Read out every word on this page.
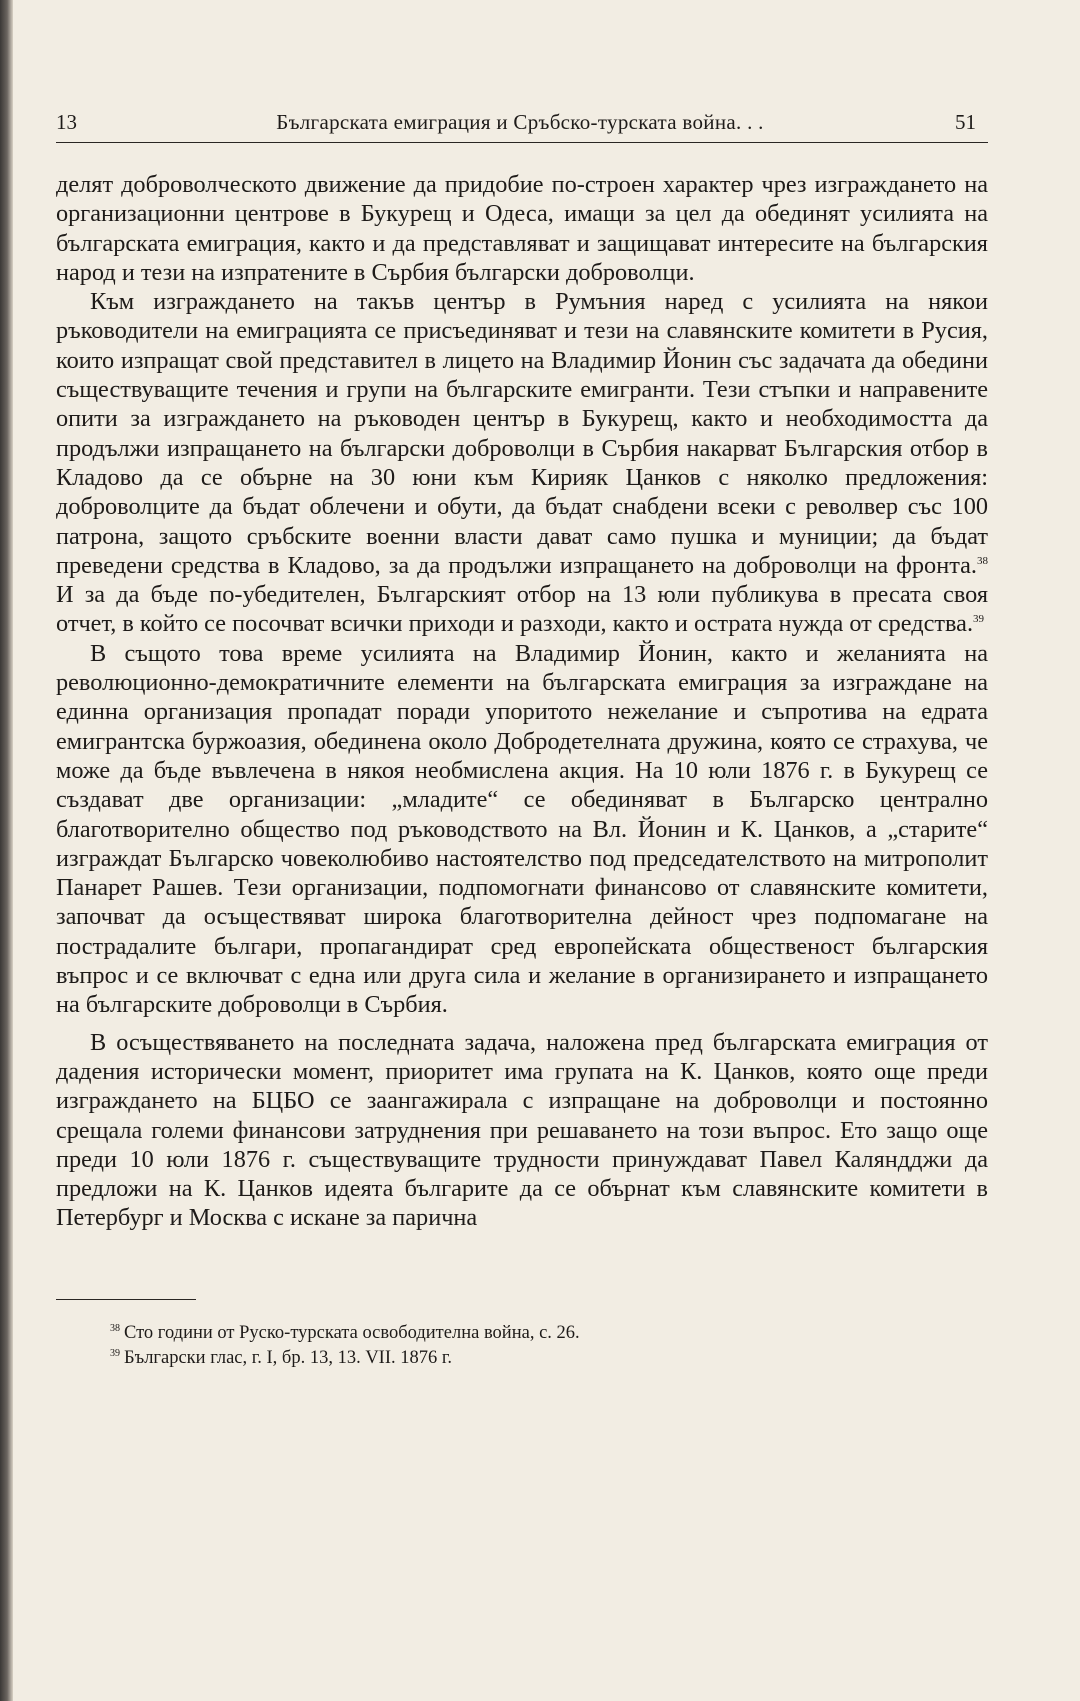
13	Българската емиграция и Сръбско-турската война. . .	51

делят доброволческото движение да придобие по-строен характер чрез изграждането на организационни центрове в Букурещ и Одеса, имащи за цел да обединят усилията на българската емиграция, както и да представляват и защищават интересите на българския народ и тези на изпратените в Сърбия български доброволци.

Към изграждането на такъв център в Румъния наред с усилията на някои ръководители на емиграцията се присъединяват и тези на славянските комитети в Русия, които изпращат свой представител в лицето на Владимир Йонин със задачата да обедини съществуващите течения и групи на българските емигранти. Тези стъпки и направените опити за изграждането на ръководен център в Букурещ, както и необходимостта да продължи изпращането на български доброволци в Сърбия накарват Българския отбор в Кладово да се обърне на 30 юни към Кирияк Цанков с няколко предложения: доброволците да бъдат облечени и обути, да бъдат снабдени всеки с револвер със 100 патрона, защото сръбските военни власти дават само пушка и муниции; да бъдат преведени средства в Кладово, за да продължи изпращането на доброволци на фронта.$^{38}$ И за да бъде по-убедителен, Българският отбор на 13 юли публикува в пресата своя отчет, в който се посочват всички приходи и разходи, както и острата нужда от средства.$^{39}$

В същото това време усилията на Владимир Йонин, както и желанията на революционно-демократичните елементи на българската емиграция за изграждане на единна организация пропадат поради упоритото нежелание и съпротива на едрата емигрантска буржоазия, обединена около Добродетелната дружина, която се страхува, че може да бъде въвлечена в някоя необмислена акция. На 10 юли 1876 г. в Букурещ се създават две организации: „младите“ се обединяват в Българско централно благотворително общество под ръководството на Вл. Йонин и К. Цанков, а „старите“ изграждат Българско човеколюбиво настоятелство под председателството на митрополит Панарет Рашев. Тези организации, подпомогнати финансово от славянските комитети, започват да осъществяват широка благотворителна дейност чрез подпомагане на пострадалите българи, пропагандират сред европейската общественост българския въпрос и се включват с една или друга сила и желание в организирането и изпращането на българските доброволци в Сърбия.

В осъществяването на последната задача, наложена пред българската емиграция от дадения исторически момент, приоритет има групата на К. Цанков, която още преди изграждането на БЦБО се заангажирала с изпращане на доброволци и постоянно срещала големи финансови затруднения при решаването на този въпрос. Ето защо още преди 10 юли 1876 г. съществуващите трудности принуждават Павел Каляндджи да предложи на К. Цанков идеята българите да се обърнат към славянските комитети в Петербург и Москва с искане за парична

$^{38}$ Сто години от Руско-турската освободителна война, с. 26.
$^{39}$ Български глас, г. I, бр. 13, 13. VII. 1876 г.
